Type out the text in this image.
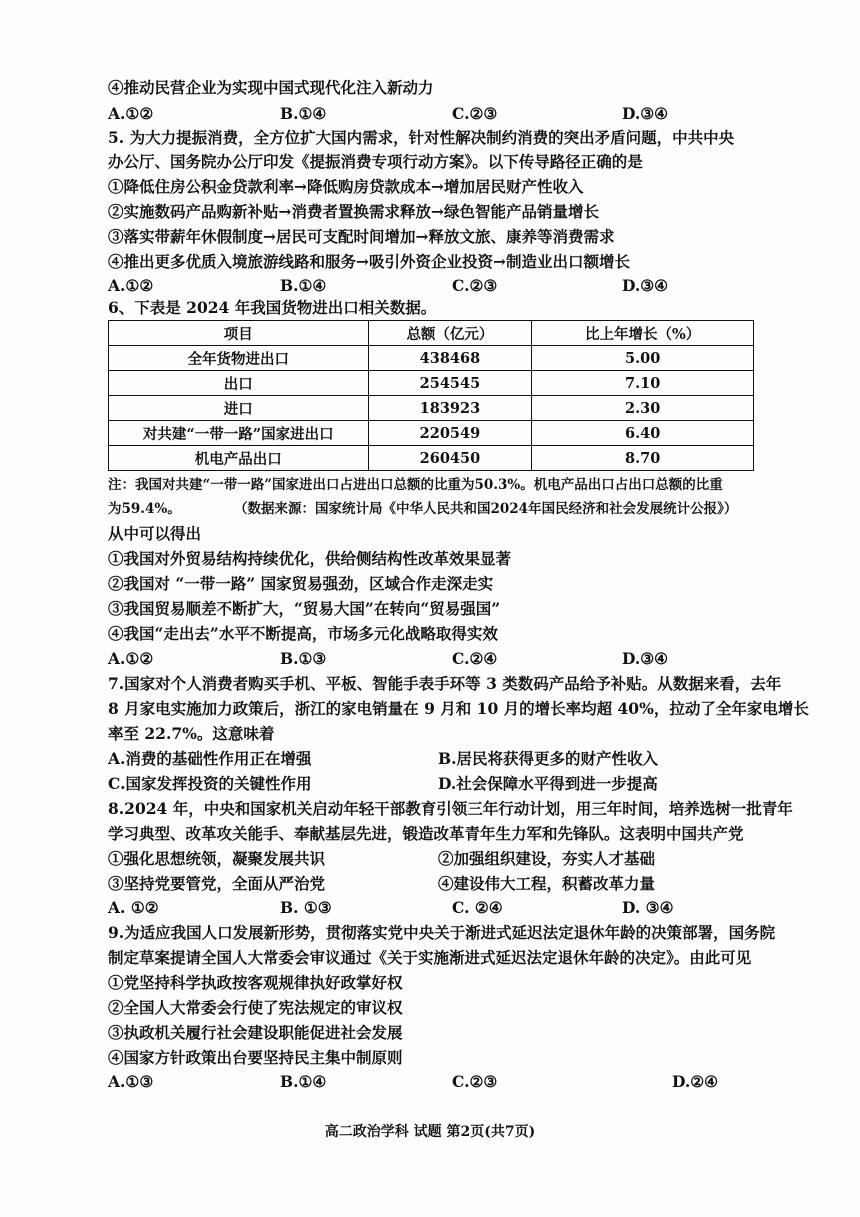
④推动民营企业为实现中国式现代化注入新动力
A.①②	B.①④	C.②③	D.③④
5. 为大力提振消费，全方位扩大国内需求，针对性解决制约消费的突出矛盾问题，中共中央
办公厅、国务院办公厅印发《提振消费专项行动方案》。以下传导路径正确的是
①降低住房公积金贷款利率→降低购房贷款成本→增加居民财产性收入
②实施数码产品购新补贴→消费者置换需求释放→绿色智能产品销量增长
③落实带薪年休假制度→居民可支配时间增加→释放文旅、康养等消费需求
④推出更多优质入境旅游线路和服务→吸引外资企业投资→制造业出口额增长
A.①②	B.①④	C.②③	D.③④
6、下表是 2024 年我国货物进出口相关数据。
项目	总额（亿元）	比上年增长（%）
全年货物进出口	438468	5.00
出口	254545	7.10
进口	183923	2.30
对共建“一带一路”国家进出口	220549	6.40
机电产品出口	260450	8.70
注：我国对共建“一带一路”国家进出口占进出口总额的比重为50.3%。机电产品出口占出口总额的比重
为59.4%。	（数据来源：国家统计局《中华人民共和国2024年国民经济和社会发展统计公报》）
从中可以得出
①我国对外贸易结构持续优化，供给侧结构性改革效果显著
②我国对 “一带一路” 国家贸易强劲，区域合作走深走实
③我国贸易顺差不断扩大，“贸易大国”在转向“贸易强国”
④我国“走出去”水平不断提高，市场多元化战略取得实效
A.①②	B.①③	C.②④	D.③④
7.国家对个人消费者购买手机、平板、智能手表手环等 3 类数码产品给予补贴。从数据来看，去年
8 月家电实施加力政策后，浙江的家电销量在 9 月和 10 月的增长率均超 40%，拉动了全年家电增长
率至 22.7%。这意味着
A.消费的基础性作用正在增强	B.居民将获得更多的财产性收入
C.国家发挥投资的关键性作用	D.社会保障水平得到进一步提高
8.2024 年，中央和国家机关启动年轻干部教育引领三年行动计划，用三年时间，培养选树一批青年
学习典型、改革攻关能手、奉献基层先进，锻造改革青年生力军和先锋队。这表明中国共产党
①强化思想统领，凝聚发展共识	②加强组织建设，夯实人才基础
③坚持党要管党，全面从严治党	④建设伟大工程，积蓄改革力量
A. ①②	B. ①③	C. ②④	D. ③④
9.为适应我国人口发展新形势，贯彻落实党中央关于渐进式延迟法定退休年龄的决策部署，国务院
制定草案提请全国人大常委会审议通过《关于实施渐进式延迟法定退休年龄的决定》。由此可见
①党坚持科学执政按客观规律执好政掌好权
②全国人大常委会行使了宪法规定的审议权
③执政机关履行社会建设职能促进社会发展
④国家方针政策出台要坚持民主集中制原则
A.①③	B.①④	C.②③	D.②④
高二政治学科 试题 第2页(共7页)
